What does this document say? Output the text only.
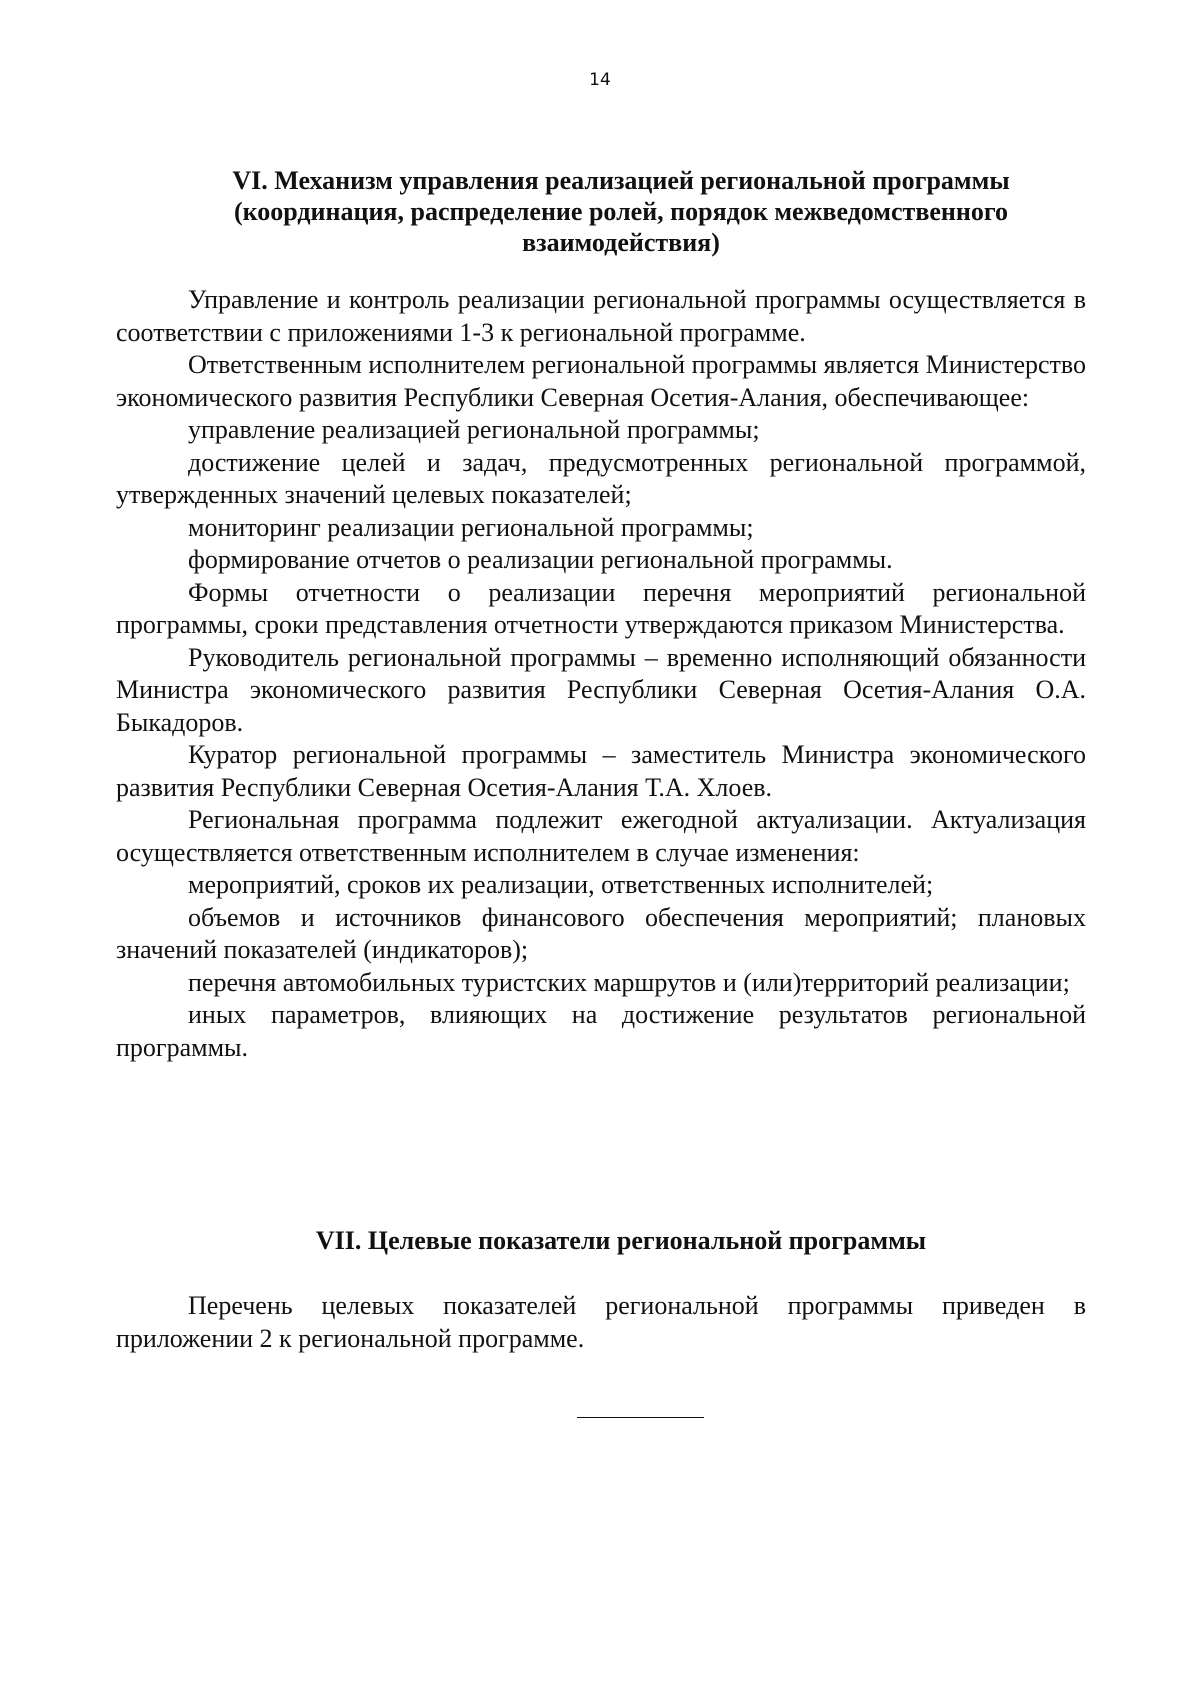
14
VI. Механизм управления реализацией региональной программы (координация, распределение ролей, порядок межведомственного взаимодействия)

Управление и контроль реализации региональной программы осуществляется в соответствии с приложениями 1-3 к региональной программе.

Ответственным исполнителем региональной программы является Министерство экономического развития Республики Северная Осетия-Алания, обеспечивающее:

управление реализацией региональной программы;

достижение целей и задач, предусмотренных региональной программой, утвержденных значений целевых показателей;

мониторинг реализации региональной программы;

формирование отчетов о реализации региональной программы.

Формы отчетности о реализации перечня мероприятий региональной программы, сроки представления отчетности утверждаются приказом Министерства.

Руководитель региональной программы – временно исполняющий обязанности Министра экономического развития Республики Северная Осетия-Алания О.А. Быкадоров.

Куратор региональной программы – заместитель Министра экономического развития Республики Северная Осетия-Алания Т.А. Хлоев.

Региональная программа подлежит ежегодной актуализации. Актуализация осуществляется ответственным исполнителем в случае изменения:

мероприятий, сроков их реализации, ответственных исполнителей;

объемов и источников финансового обеспечения мероприятий; плановых значений показателей (индикаторов);

перечня автомобильных туристских маршрутов и (или)территорий реализации;

иных параметров, влияющих на достижение результатов региональной программы.

VII. Целевые показатели региональной программы

Перечень целевых показателей региональной программы приведен в приложении 2 к региональной программе.
